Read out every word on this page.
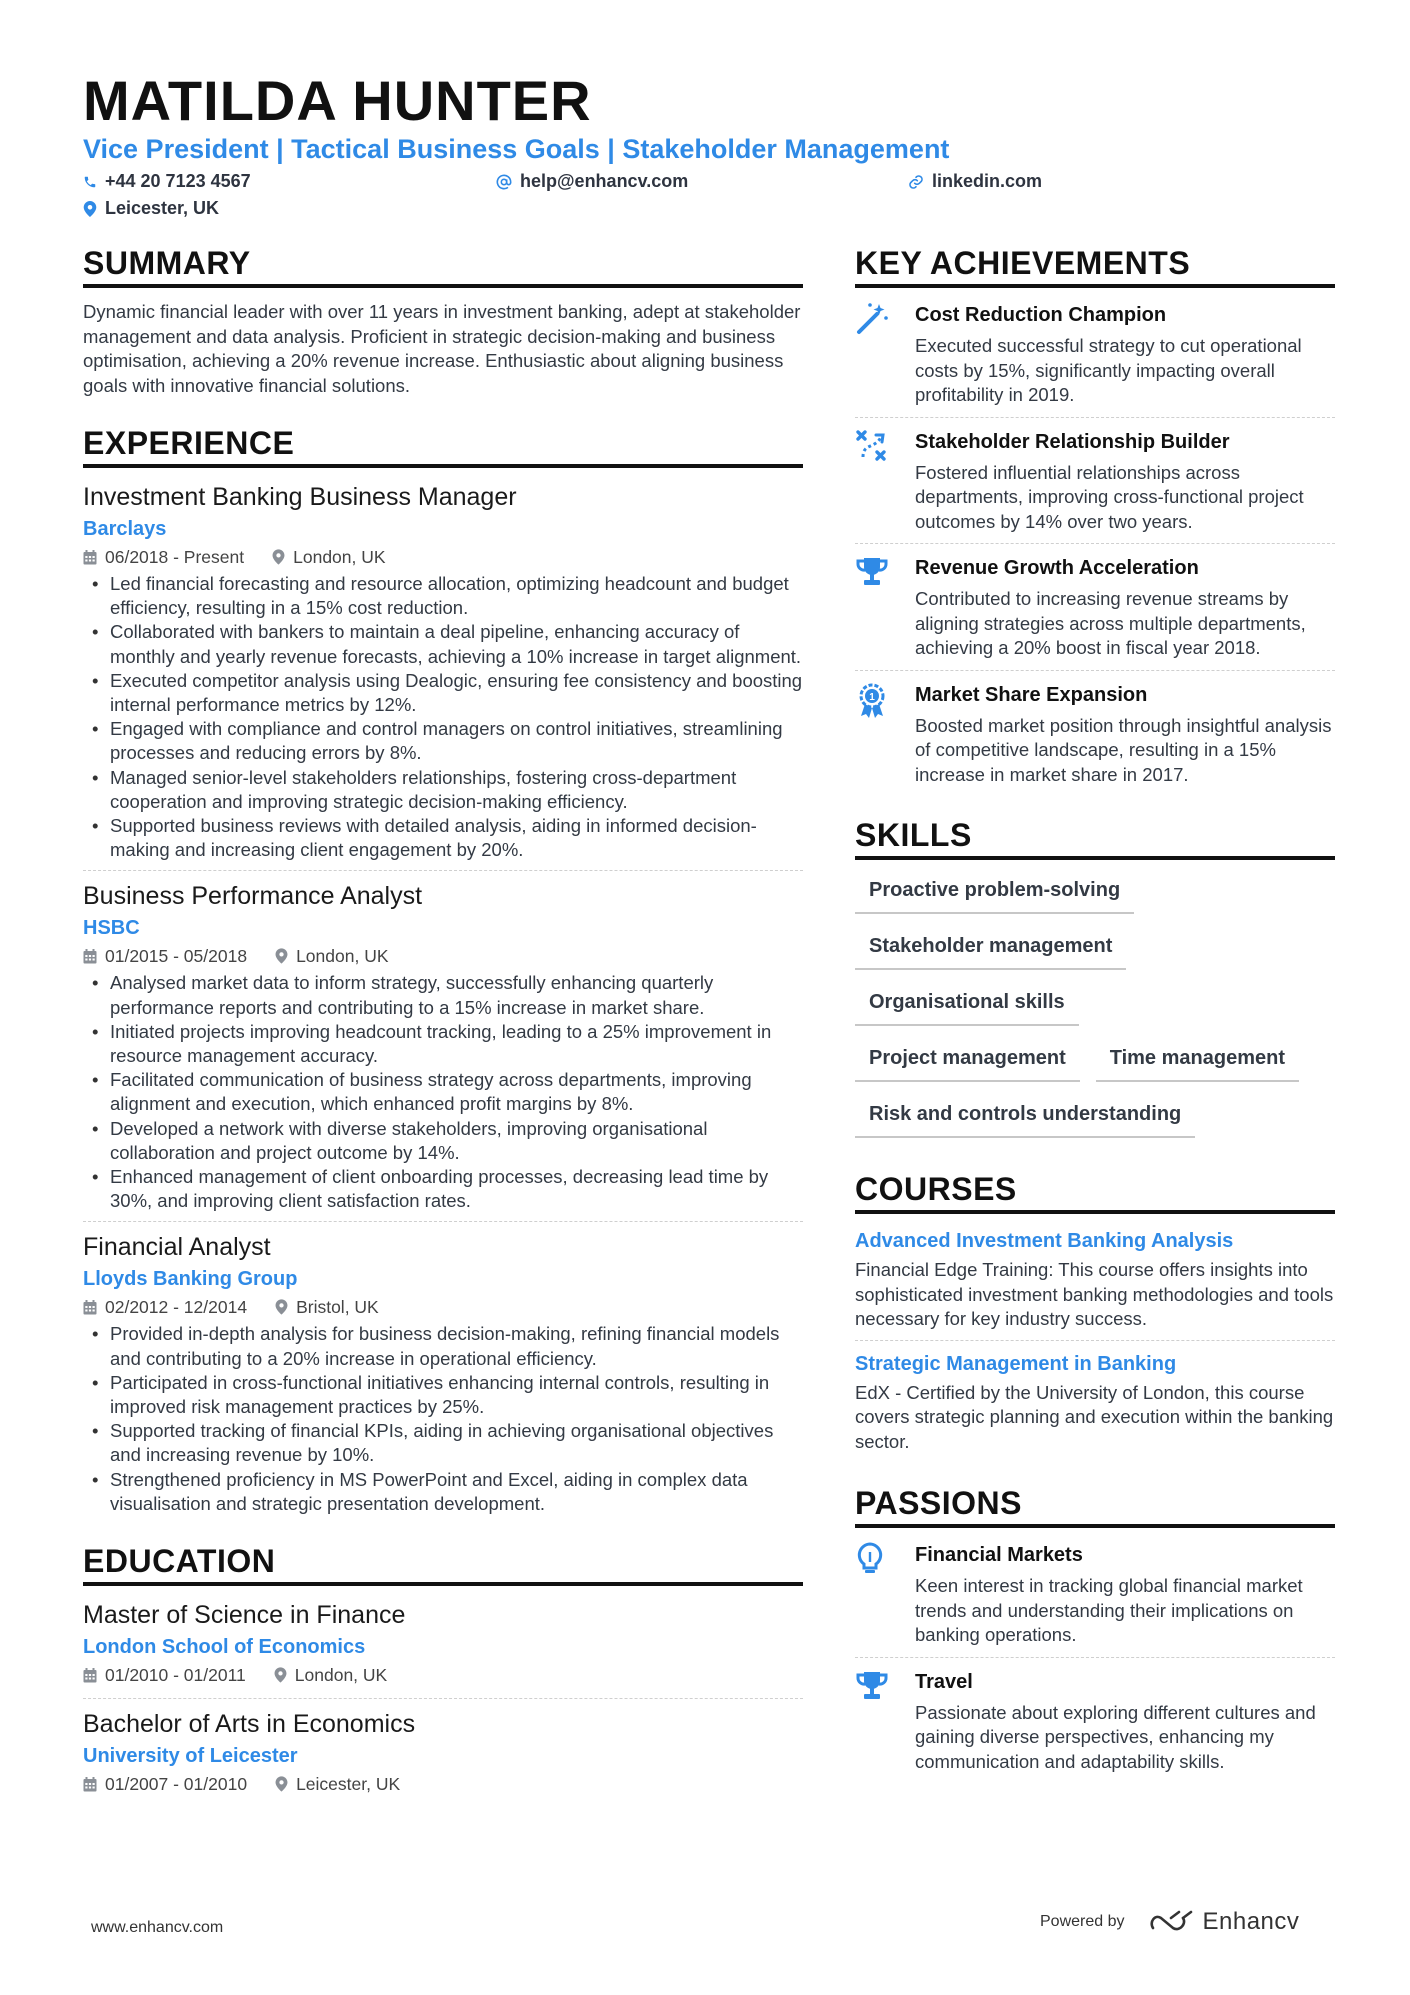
MATILDA HUNTER
Vice President | Tactical Business Goals | Stakeholder Management
+44 20 7123 4567	help@enhancv.com	linkedin.com
Leicester, UK
SUMMARY
Dynamic financial leader with over 11 years in investment banking, adept at stakeholder management and data analysis. Proficient in strategic decision-making and business optimisation, achieving a 20% revenue increase. Enthusiastic about aligning business goals with innovative financial solutions.
EXPERIENCE
Investment Banking Business Manager
Barclays
06/2018 - Present	London, UK
• Led financial forecasting and resource allocation, optimizing headcount and budget efficiency, resulting in a 15% cost reduction.
• Collaborated with bankers to maintain a deal pipeline, enhancing accuracy of monthly and yearly revenue forecasts, achieving a 10% increase in target alignment.
• Executed competitor analysis using Dealogic, ensuring fee consistency and boosting internal performance metrics by 12%.
• Engaged with compliance and control managers on control initiatives, streamlining processes and reducing errors by 8%.
• Managed senior-level stakeholders relationships, fostering cross-department cooperation and improving strategic decision-making efficiency.
• Supported business reviews with detailed analysis, aiding in informed decision-making and increasing client engagement by 20%.
Business Performance Analyst
HSBC
01/2015 - 05/2018	London, UK
• Analysed market data to inform strategy, successfully enhancing quarterly performance reports and contributing to a 15% increase in market share.
• Initiated projects improving headcount tracking, leading to a 25% improvement in resource management accuracy.
• Facilitated communication of business strategy across departments, improving alignment and execution, which enhanced profit margins by 8%.
• Developed a network with diverse stakeholders, improving organisational collaboration and project outcome by 14%.
• Enhanced management of client onboarding processes, decreasing lead time by 30%, and improving client satisfaction rates.
Financial Analyst
Lloyds Banking Group
02/2012 - 12/2014	Bristol, UK
• Provided in-depth analysis for business decision-making, refining financial models and contributing to a 20% increase in operational efficiency.
• Participated in cross-functional initiatives enhancing internal controls, resulting in improved risk management practices by 25%.
• Supported tracking of financial KPIs, aiding in achieving organisational objectives and increasing revenue by 10%.
• Strengthened proficiency in MS PowerPoint and Excel, aiding in complex data visualisation and strategic presentation development.
EDUCATION
Master of Science in Finance
London School of Economics
01/2010 - 01/2011	London, UK
Bachelor of Arts in Economics
University of Leicester
01/2007 - 01/2010	Leicester, UK
KEY ACHIEVEMENTS
Cost Reduction Champion
Executed successful strategy to cut operational costs by 15%, significantly impacting overall profitability in 2019.
Stakeholder Relationship Builder
Fostered influential relationships across departments, improving cross-functional project outcomes by 14% over two years.
Revenue Growth Acceleration
Contributed to increasing revenue streams by aligning strategies across multiple departments, achieving a 20% boost in fiscal year 2018.
1 Market Share Expansion
Boosted market position through insightful analysis of competitive landscape, resulting in a 15% increase in market share in 2017.
SKILLS
Proactive problem-solving
Stakeholder management
Organisational skills
Project management	Time management
Risk and controls understanding
COURSES
Advanced Investment Banking Analysis
Financial Edge Training: This course offers insights into sophisticated investment banking methodologies and tools necessary for key industry success.
Strategic Management in Banking
EdX - Certified by the University of London, this course covers strategic planning and execution within the banking sector.
PASSIONS
Financial Markets
Keen interest in tracking global financial market trends and understanding their implications on banking operations.
Travel
Passionate about exploring different cultures and gaining diverse perspectives, enhancing my communication and adaptability skills.
www.enhancv.com	Powered by	Enhancv
